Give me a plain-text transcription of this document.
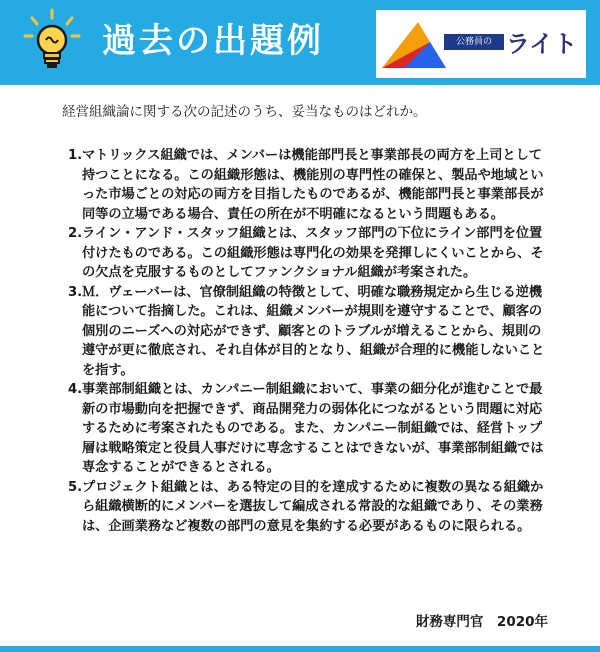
過去の出題例	公務員の ライト
経営組織論に関する次の記述のうち、妥当なものはどれか。
1. マトリックス組織では、メンバーは機能部門長と事業部長の両方を上司として持つことになる。この組織形態は、機能別の専門性の確保と、製品や地域といった市場ごとの対応の両方を目指したものであるが、機能部門長と事業部長が同等の立場である場合、責任の所在が不明確になるという問題もある。
2. ライン・アンド・スタッフ組織とは、スタッフ部門の下位にライン部門を位置付けたものである。この組織形態は専門化の効果を発揮しにくいことから、その欠点を克服するものとしてファンクショナル組織が考案された。
3. Ｍ．ヴェーバーは、官僚制組織の特徴として、明確な職務規定から生じる逆機能について指摘した。これは、組織メンバーが規則を遵守することで、顧客の個別のニーズへの対応ができず、顧客とのトラブルが増えることから、規則の遵守が更に徹底され、それ自体が目的となり、組織が合理的に機能しないことを指す。
4. 事業部制組織とは、カンパニー制組織において、事業の細分化が進むことで最新の市場動向を把握できず、商品開発力の弱体化につながるという問題に対応するために考案されたものである。また、カンパニー制組織では、経営トップ層は戦略策定と役員人事だけに専念することはできないが、事業部制組織では専念することができるとされる。
5. プロジェクト組織とは、ある特定の目的を達成するために複数の異なる組織から組織横断的にメンバーを選抜して編成される常設的な組織であり、その業務は、企画業務など複数の部門の意見を集約する必要があるものに限られる。
財務専門官　2020年
